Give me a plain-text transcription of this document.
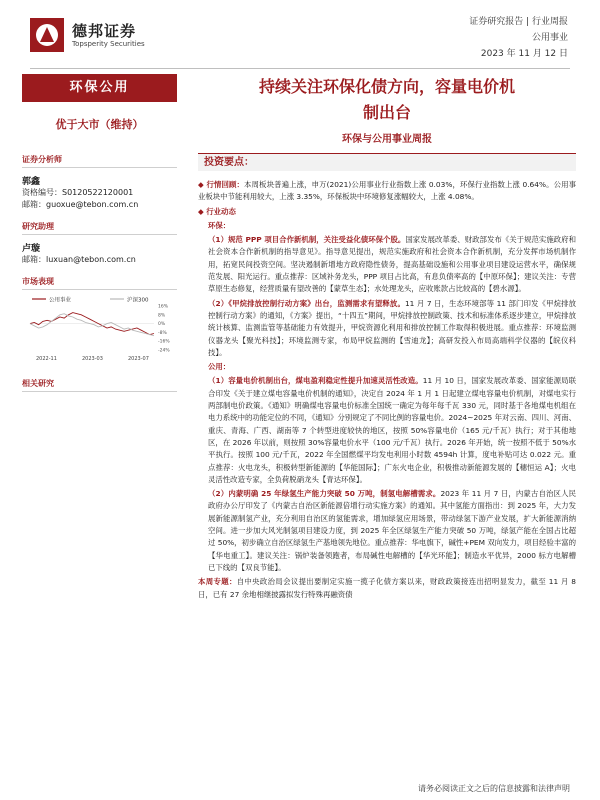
德邦证券
Topsperity Securities
证券研究报告 | 行业周报
公用事业
2023 年 11 月 12 日
环保公用
优于大市（维持）
证券分析师
郭鑫
资格编号：S0120522120001
邮箱：guoxue@tebon.com.cn
研究助理
卢璇
邮箱：luxuan@tebon.com.cn
市场表现
公用事业	沪深300
16%
8%
0%
-8%
-16%
-24%
2022-11	2023-03	2023-07
相关研究
持续关注环保化债方向，容量电价机
制出台
环保与公用事业周报
投资要点：

◆ 行情回顾：本周板块普遍上涨，申万(2021)公用事业行业指数上涨 0.03%，环保行业指数上涨 0.64%。公用事业板块中节能利用较大，上涨 3.35%，环保板块中环境修复涨幅较大，上涨 4.08%。

◆ 行业动态

环保：

（1）规范 PPP 项目合作新机制，关注受益化债环保个股。国家发展改革委、财政部发布《关于规范实施政府和社会资本合作新机制的指导意见》。指导意见提出，规范实施政府和社会资本合作新机制，充分发挥市场机制作用，拓宽民间投资空间。坚决遏制新增地方政府隐性债务，提高基础设施和公用事业项目建设运营水平，确保规范发展、阳光运行。重点推荐：区域补务龙头，PPP 项目占比高，有息负债率高的【中原环保】；建议关注：专营草原生态修复，经营质量有望改善的【蒙草生态】；水处理龙头，应收账款占比较高的【碧水源】。

（2）《甲烷排放控制行动方案》出台，监测需求有望释放。11 月 7 日，生态环境部等 11 部门印发《甲烷排放控制行动方案》的通知，《方案》提出，“十四五”期间，甲烷排放控制政策、技术和标准体系逐步建立，甲烷排放统计核算、监测监管等基础能力有效提升，甲烷资源化利用和排放控制工作取得积极进展。重点推荐：环境监测仪器龙头【聚光科技】；环境监测专家，布局甲烷监测的【雪迪龙】；高研发投入布局高端科学仪器的【皖仪科技】。

公用：

（1）容量电价机制出台，煤电盈利稳定性提升加速灵活性改造。11 月 10 日，国家发展改革委、国家能源局联合印发《关于建立煤电容量电价机制的通知》，决定自 2024 年 1 月 1 日起建立煤电容量电价机制，对煤电实行两部制电价政策。《通知》明确煤电容量电价标准全国统一确定为每年每千瓦 330 元，同时基于各地煤电机组在电力系统中的功能定位的不同，《通知》分别规定了不同比例的容量电价。2024~2025 年对云南、四川、河南、重庆、青海、广西、湖南等 7 个转型进度较快的地区，按照 50%容量电价（165 元/千瓦）执行；对于其他地区，在 2026 年以前，则按照 30%容量电价水平（100 元/千瓦）执行。2026 年开始，统一按照不低于 50%水平执行。按照 100 元/千瓦，2022 年全国燃煤平均发电利用小时数 4594h 计算，度电补贴可达 0.022 元。重点推荐：火电龙头，积极转型新能源的【华能国际】；广东火电企业，积极推动新能源发展的【穗恒运 A】；火电灵活性改造专家，全负荷脱硝龙头【青达环保】。

（2）内蒙明确 25 年绿氢生产能力突破 50 万吨，制氢电解槽需求。2023 年 11 月 7 日，内蒙古自治区人民政府办公厅印发了《内蒙古自治区新能源倍增行动实施方案》的通知。其中氢能方面指出：到 2025 年，大力发展新能源制氢产业，充分利用自治区的氢能需求，增加绿氢应用场景，带动绿氢下游产业发展，扩大新能源消纳空间。进一步加大风光制氢项目建设力度，到 2025 年全区绿氢生产能力突破 50 万吨，绿氢产能在全国占比超过 50%，初步确立自治区绿氢生产基地领先地位。重点推荐：华电旗下，碱性+PEM 双向发力，项目经验丰富的【华电重工】。建议关注：锅炉装备领跑者，布局碱性电解槽的【华光环能】；制造水平优异，2000 标方电解槽已下线的【双良节能】。

本周专题：自中央政治局会议提出要制定实施一揽子化债方案以来，财政政策接连出招明显发力，截至 11 月 8 日，已有 27 余地相继披露拟发行特殊再融资债

请务必阅读正文之后的信息披露和法律声明
